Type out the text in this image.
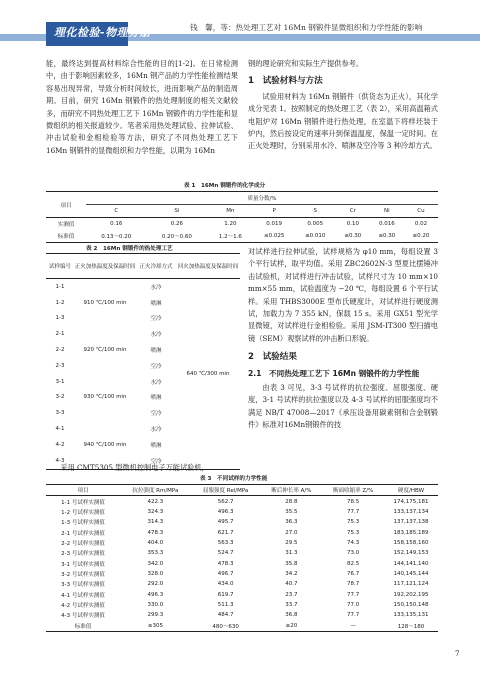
理化检验-物理分册	钱　馨，等：热处理工艺对 16Mn 钢锻件显微组织和力学性能的影响

能，最终达到提高材料综合性能的目的[1-2]。在日常检测中，由于影响因素较多，16Mn 钢产品的力学性能检测结果容易出现异常，导致分析时间较长，进而影响产品的制造周期。目前，研究 16Mn 钢锻件的热处理制度的相关文献较多，而研究不同热处理工艺下 16Mn 钢锻件的力学性能和显微组织的相关报道较少。笔者采用热处理试验、拉伸试验、冲击试验和金相检验等方法，研究了不同热处理工艺下 16Mn 钢锻件的显微组织和力学性能，以期为 16Mn

钢的理论研究和实际生产提供参考。

1　试验材料与方法

试验用材料为 16Mn 钢锻件（供货态为正火），其化学成分见表 1。按照制定的热处理工艺（表 2），采用高温箱式电阻炉对 16Mn 钢锻件进行热处理，在室温下将样坯装于炉内，然后按设定的速率升到保温温度，保温一定时间。在正火处理时，分别采用水冷、喷淋及空冷等 3 种冷却方式。

表 1　16Mn 钢锻件的化学成分
项目	质量分数/%							
	C	Si	Mn	P	S	Cr	Ni	Cu
实测值	0.16	0.26	1.20	0.019	0.005	0.10	0.016	0.02
标准值	0.13～0.20	0.20～0.60	1.2～1.6	≤0.025	≤0.010	≤0.30	≤0.30	≤0.20
表 2　16Mn 钢锻件的热处理工艺
试样编号	正火加热温度及保温时间	正火冷却方式	回火加热温度及保温时间
1-1	910 ℃/100 min	水冷	640 ℃/300 min
1-2		喷淋	
1-3		空冷	
2-1	920 ℃/100 min	水冷	
2-2		喷淋	
2-3		空冷	
3-1	930 ℃/100 min	水冷	
3-2		喷淋	
3-3		空冷	
4-1	940 ℃/100 min	水冷	
4-2		喷淋	
4-3		空冷	

采用 CMT5305 型微机控制电子万能试验机，

对试样进行拉伸试验，试样规格为 φ10 mm，每组设置 3 个平行试样，取平均值。采用 ZBC2602N-3 型夏比摆锤冲击试验机，对试样进行冲击试验，试样尺寸为 10 mm×10 mm×55 mm，试验温度为 −20 ℃，每组设置 6 个平行试样。采用 THBS3000E 型布氏硬度计，对试样进行硬度测试，加载力为 7 355 kN，保载 15 s。采用 GX51 型光学显微镜，对试样进行金相检验。采用 JSM-IT300 型扫描电镜（SEM）观察试样的冲击断口形貌。

2　试验结果

2.1　不同热处理工艺下 16Mn 钢锻件的力学性能

由表 3 可见，3-3 号试样的抗拉强度、屈服强度、硬度，3-1 号试样的抗拉强度以及 4-3 号试样的屈服强度均不满足 NB/T 47008—2017《承压设备用碳素钢和合金钢锻件》标准对16Mn钢锻件的技

表 3　不同试样的力学性能
项目	抗拉强度 Rm/MPa	屈服强度 Rel/MPa	断后伸长率 A/%	断面收缩率 Z/%	硬度/HBW
1-1 号试样实测值	422.3	562.7	28.8	78.5	174,175,181
1-2 号试样实测值	324.3	496.3	35.5	77.7	133,137,134
1-3 号试样实测值	314.3	495.7	36.3	75.3	137,137,138
2-1 号试样实测值	478.3	621.7	27.0	75.3	183,185,189
2-2 号试样实测值	404.0	563.3	29.5	74.3	158,158,160
2-3 号试样实测值	353.3	524.7	31.3	73.0	152,149,153
3-1 号试样实测值	342.0	478.3	35.8	82.5	144,141,140
3-2 号试样实测值	328.0	496.7	34.2	76.7	140,145,144
3-3 号试样实测值	292.0	434.0	40.7	78.7	117,121,124
4-1 号试样实测值	496.3	619.7	23.7	77.7	192,202,195
4-2 号试样实测值	330.0	511.3	33.7	77.0	150,150,148
4-3 号试样实测值	299.3	484.7	36.8	77.7	133,135,131
标准值	≥305	480～630	≥20	—	128～180
7
